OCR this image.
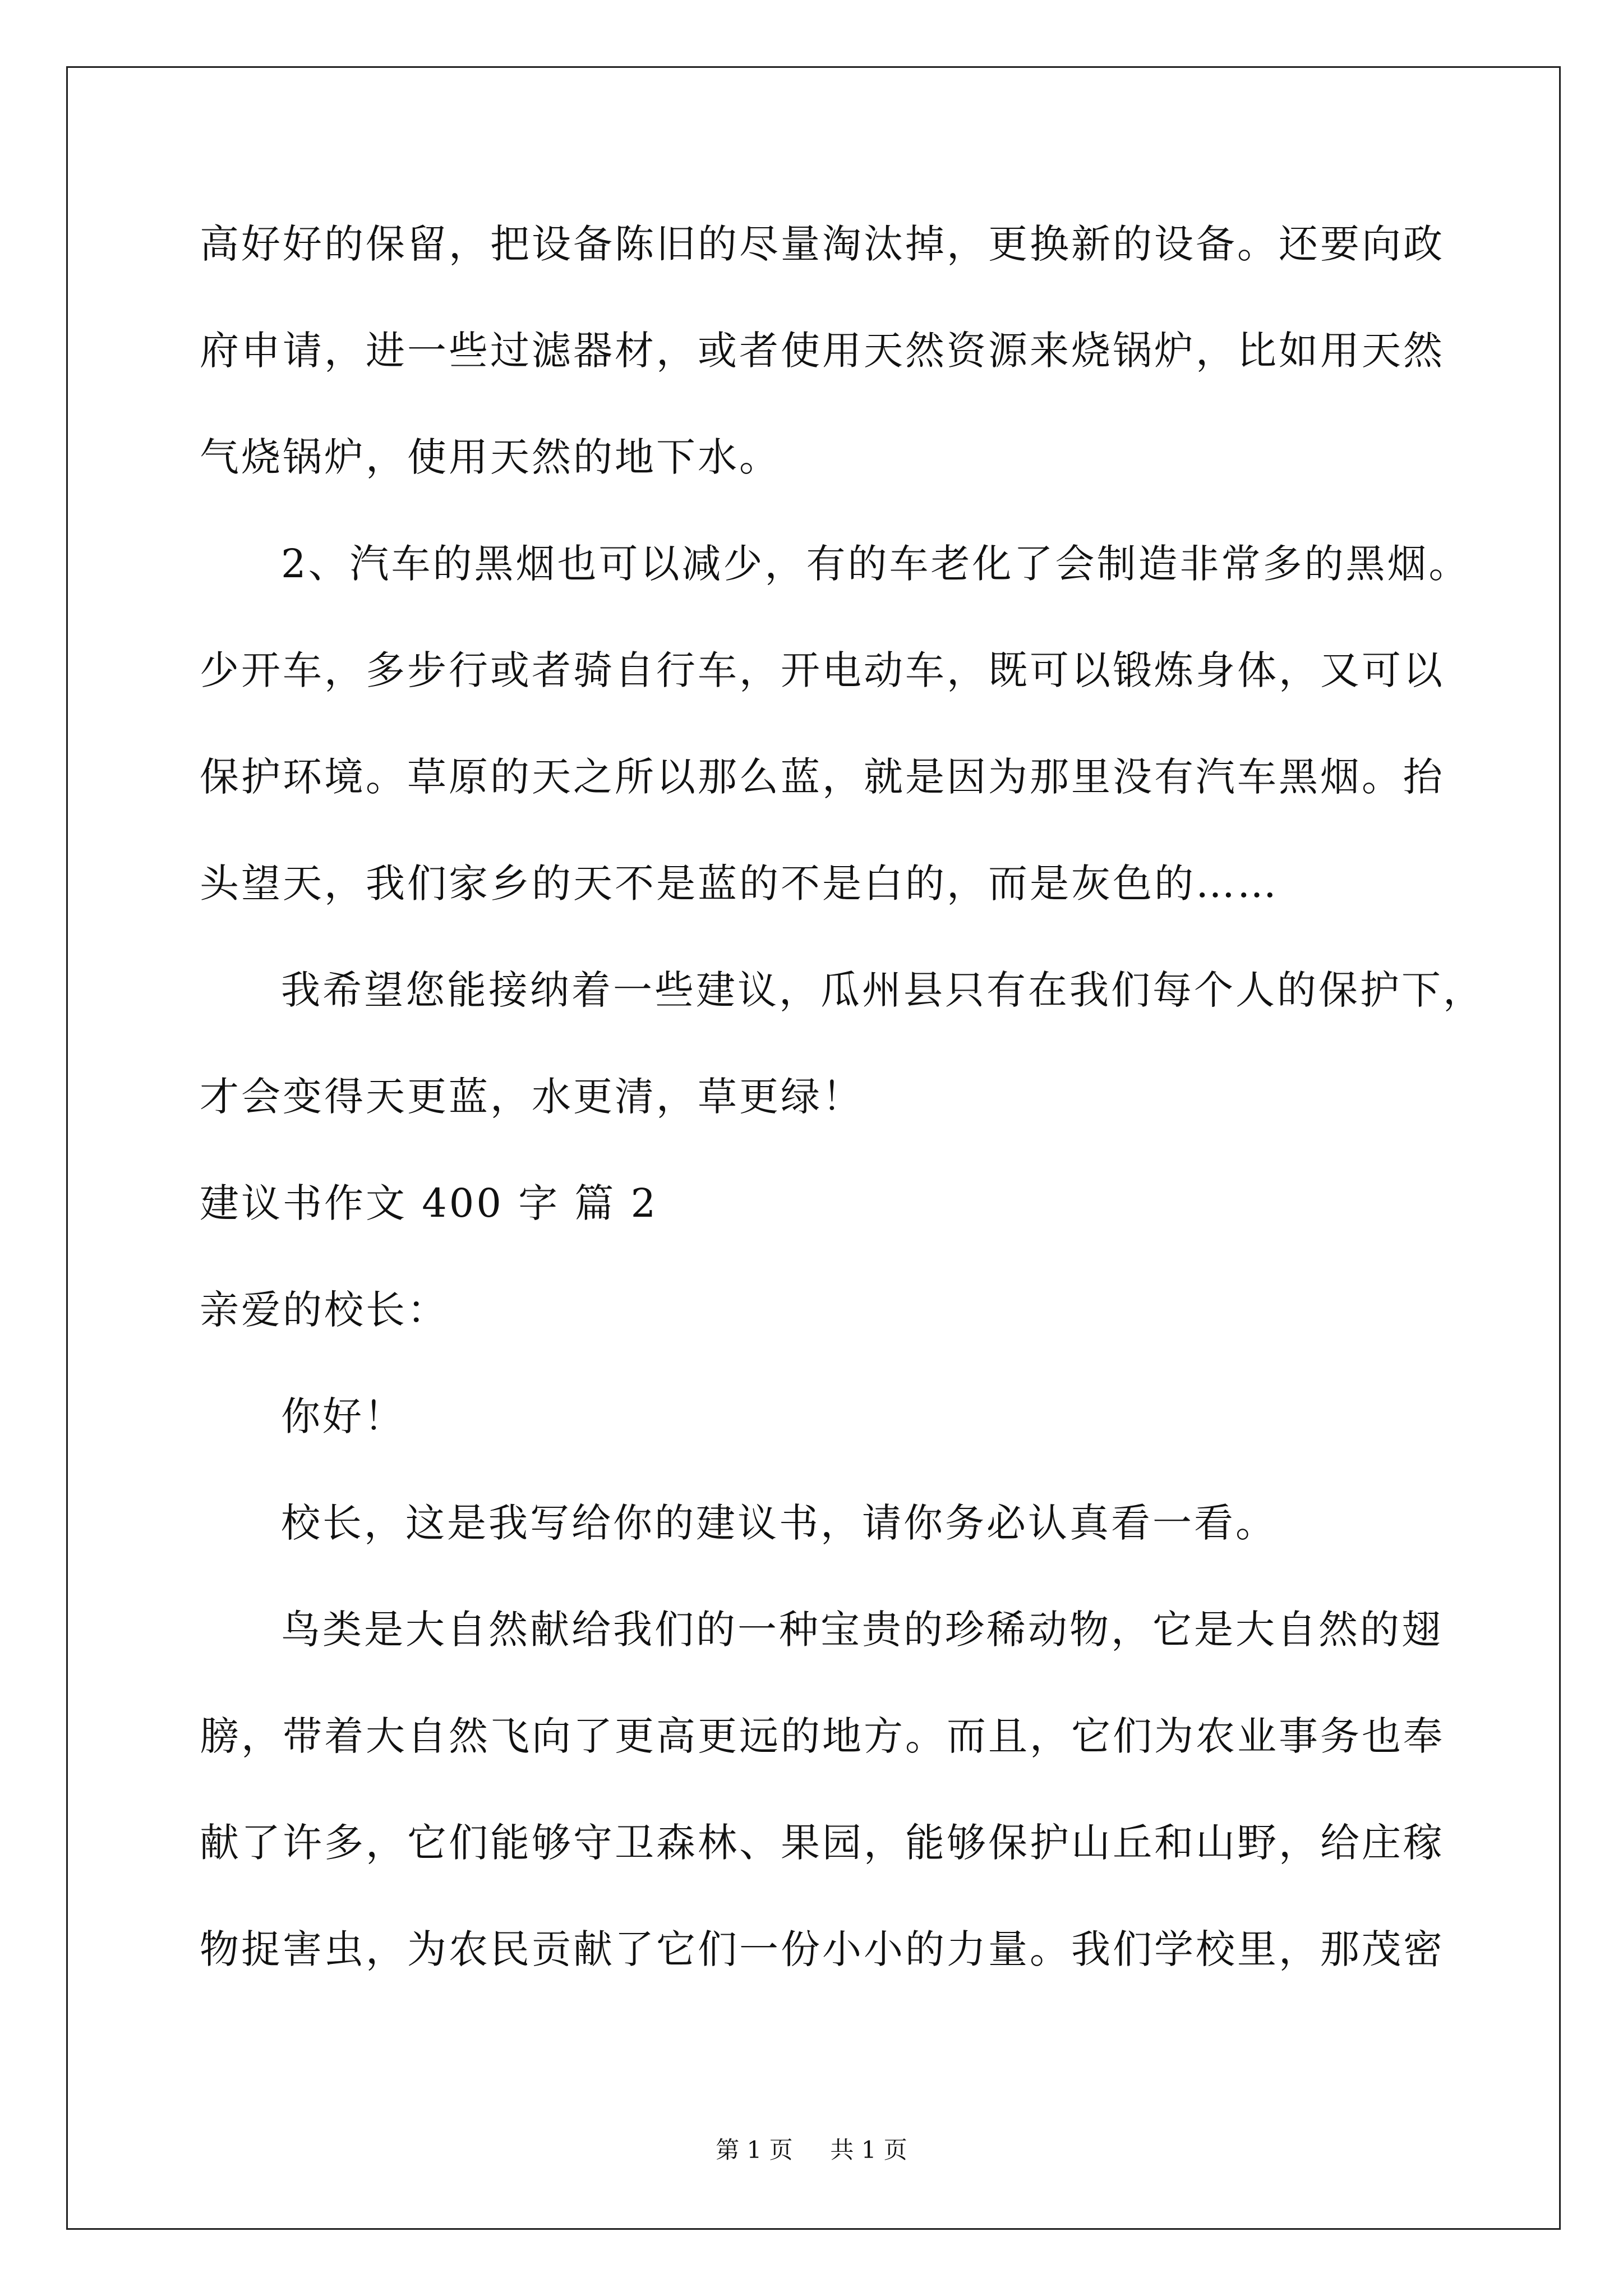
高好好的保留，把设备陈旧的尽量淘汰掉，更换新的设备。还要向政
府申请，进一些过滤器材，或者使用天然资源来烧锅炉，比如用天然
气烧锅炉，使用天然的地下水。
2、汽车的黑烟也可以减少，有的车老化了会制造非常多的黑烟。
少开车，多步行或者骑自行车，开电动车，既可以锻炼身体，又可以
保护环境。草原的天之所以那么蓝，就是因为那里没有汽车黑烟。抬
头望天，我们家乡的天不是蓝的不是白的，而是灰色的……
我希望您能接纳着一些建议，瓜州县只有在我们每个人的保护下，
才会变得天更蓝，水更清，草更绿！
建议书作文 400 字 篇 2
亲爱的校长：
你好！
校长，这是我写给你的建议书，请你务必认真看一看。
鸟类是大自然献给我们的一种宝贵的珍稀动物，它是大自然的翅
膀，带着大自然飞向了更高更远的地方。而且，它们为农业事务也奉
献了许多，它们能够守卫森林、果园，能够保护山丘和山野，给庄稼
物捉害虫，为农民贡献了它们一份小小的力量。我们学校里，那茂密
第 1 页 共 1 页
